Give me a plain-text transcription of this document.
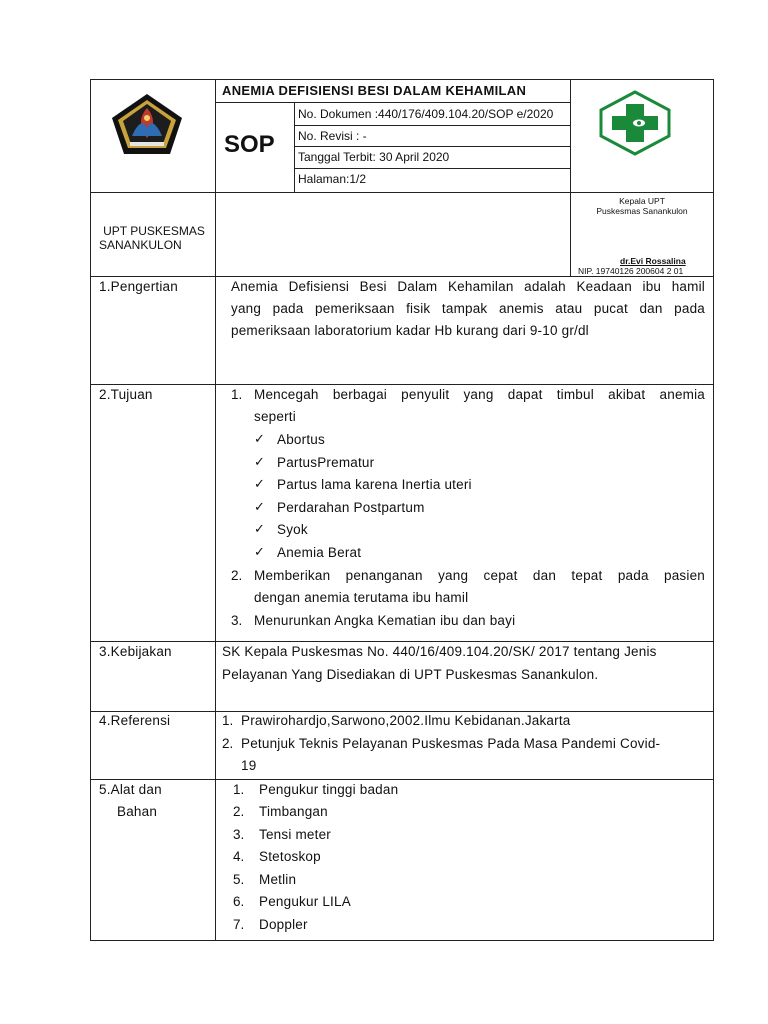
ANEMIA DEFISIENSI BESI DALAM KEHAMILAN
SOP
No. Dokumen :440/176/409.104.20/SOP e/2020
No. Revisi : -
Tanggal Terbit: 30 April 2020
Halaman:1/2
UPT PUSKESMAS
SANANKULON
Kepala UPT
Puskesmas Sanankulon
dr.Evi Rossalina
NIP. 19740126 200604 2 01
1.Pengertian	Anemia Defisiensi Besi Dalam Kehamilan adalah Keadaan ibu hamil
yang pada pemeriksaan fisik tampak anemis atau pucat dan pada
pemeriksaan laboratorium kadar Hb kurang dari 9-10 gr/dl
2.Tujuan	1. Mencegah berbagai penyulit yang dapat timbul akibat anemia
seperti
✓ Abortus
✓ PartusPrematur
✓ Partus lama karena Inertia uteri
✓ Perdarahan Postpartum
✓ Syok
✓ Anemia Berat
2. Memberikan penanganan yang cepat dan tepat pada pasien
dengan anemia terutama ibu hamil
3. Menurunkan Angka Kematian ibu dan bayi
3.Kebijakan	SK Kepala Puskesmas No. 440/16/409.104.20/SK/ 2017 tentang Jenis
Pelayanan Yang Disediakan di UPT Puskesmas Sanankulon.
4.Referensi	1. Prawirohardjo,Sarwono,2002.Ilmu Kebidanan.Jakarta
2. Petunjuk Teknis Pelayanan Puskesmas Pada Masa Pandemi Covid-
19
5.Alat dan
Bahan
1. Pengukur tinggi badan
2. Timbangan
3. Tensi meter
4. Stetoskop
5. Metlin
6. Pengukur LILA
7. Doppler
